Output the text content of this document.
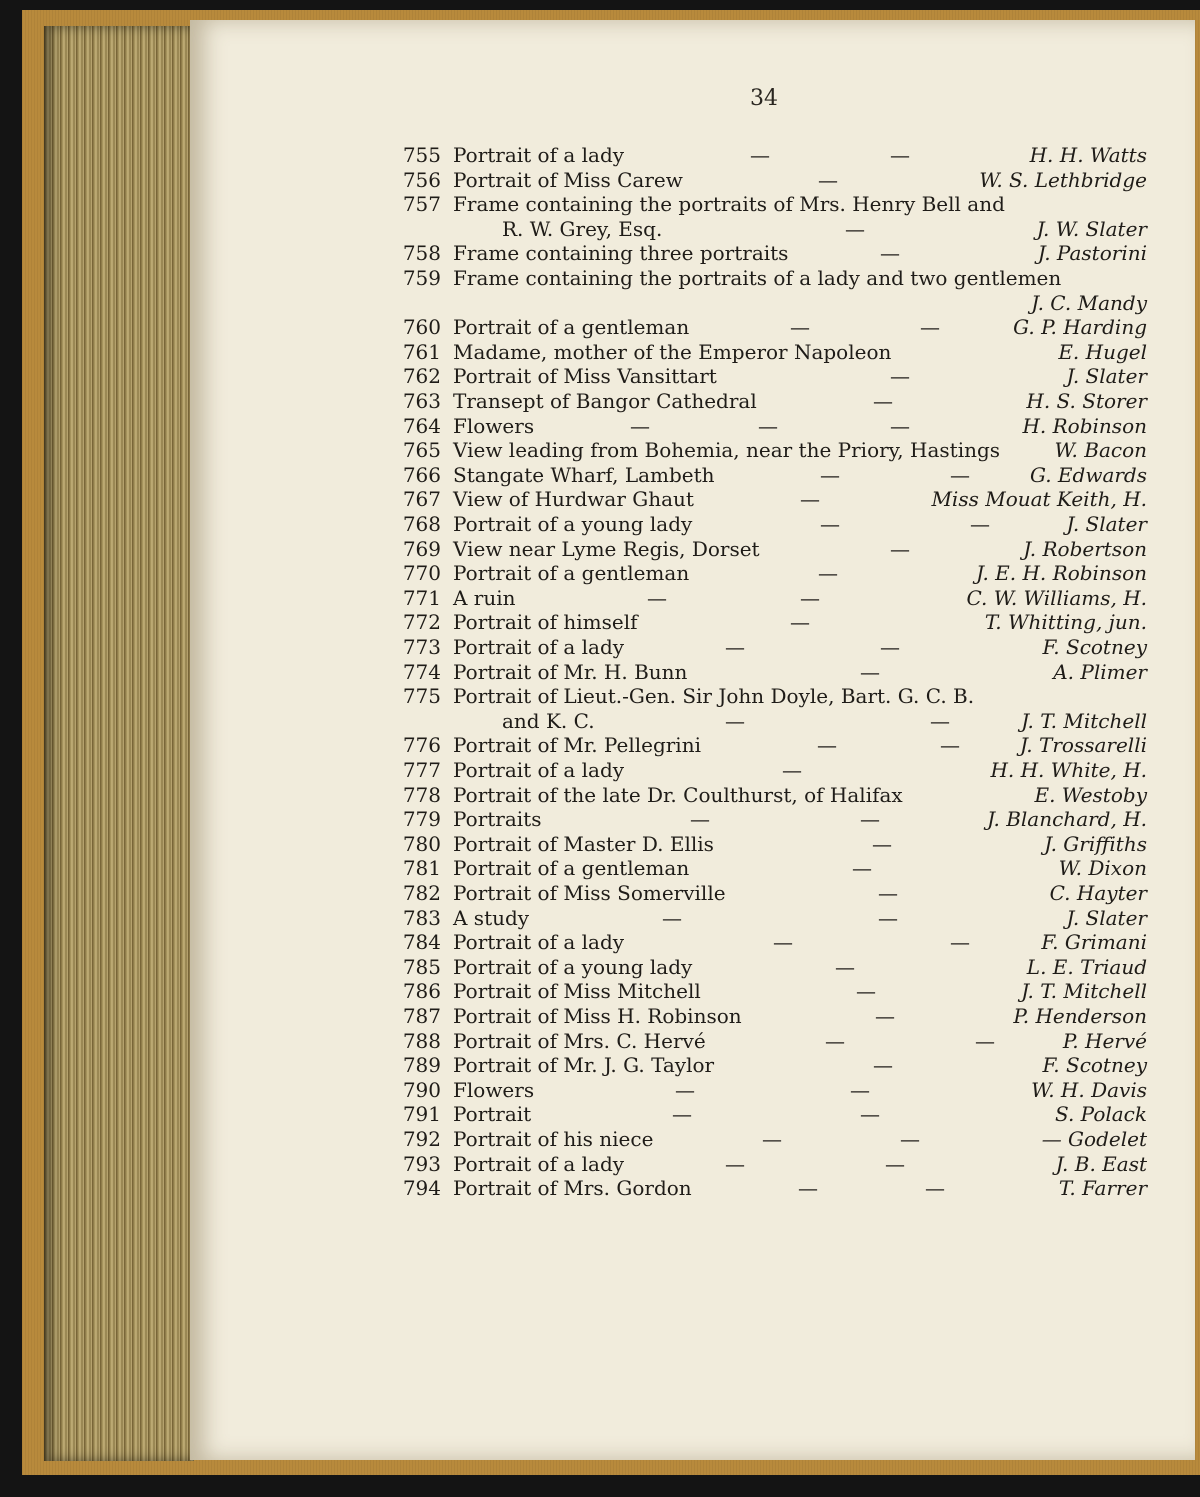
34
755 Portrait of a lady	—	—	H. H. Watts
756 Portrait of Miss Carew	—	W. S. Lethbridge
757 Frame containing the portraits of Mrs. Henry Bell and
R. W. Grey, Esq.	—	J. W. Slater
758 Frame containing three portraits	—	J. Pastorini
759 Frame containing the portraits of a lady and two gentlemen
J. C. Mandy
760 Portrait of a gentleman	—	—	G. P. Harding
761 Madame, mother of the Emperor Napoleon	E. Hugel
762 Portrait of Miss Vansittart	—	J. Slater
763 Transept of Bangor Cathedral	—	H. S. Storer
764 Flowers	—	—	—	H. Robinson
765 View leading from Bohemia, near the Priory, Hastings	W. Bacon
766 Stangate Wharf, Lambeth	—	—	G. Edwards
767 View of Hurdwar Ghaut	—	Miss Mouat Keith, H.
768 Portrait of a young lady	—	—	J. Slater
769 View near Lyme Regis, Dorset	—	J. Robertson
770 Portrait of a gentleman	—	J. E. H. Robinson
771 A ruin	—	—	C. W. Williams, H.
772 Portrait of himself	—	T. Whitting, jun.
773 Portrait of a lady	—	—	F. Scotney
774 Portrait of Mr. H. Bunn	—	A. Plimer
775 Portrait of Lieut.-Gen. Sir John Doyle, Bart. G. C. B.
and K. C.	—	—	J. T. Mitchell
776 Portrait of Mr. Pellegrini	—	—	J. Trossarelli
777 Portrait of a lady	—	H. H. White, H.
778 Portrait of the late Dr. Coulthurst, of Halifax	E. Westoby
779 Portraits	—	—	J. Blanchard, H.
780 Portrait of Master D. Ellis	—	J. Griffiths
781 Portrait of a gentleman	—	W. Dixon
782 Portrait of Miss Somerville	—	C. Hayter
783 A study	—	—	J. Slater
784 Portrait of a lady	—	—	F. Grimani
785 Portrait of a young lady	—	L. E. Triaud
786 Portrait of Miss Mitchell	—	J. T. Mitchell
787 Portrait of Miss H. Robinson	—	P. Henderson
788 Portrait of Mrs. C. Hervé	—	—	P. Hervé
789 Portrait of Mr. J. G. Taylor	—	F. Scotney
790 Flowers	—	—	W. H. Davis
791 Portrait	—	—	S. Polack
792 Portrait of his niece	—	—	— Godelet
793 Portrait of a lady	—	—	J. B. East
794 Portrait of Mrs. Gordon	—	—	T. Farrer
